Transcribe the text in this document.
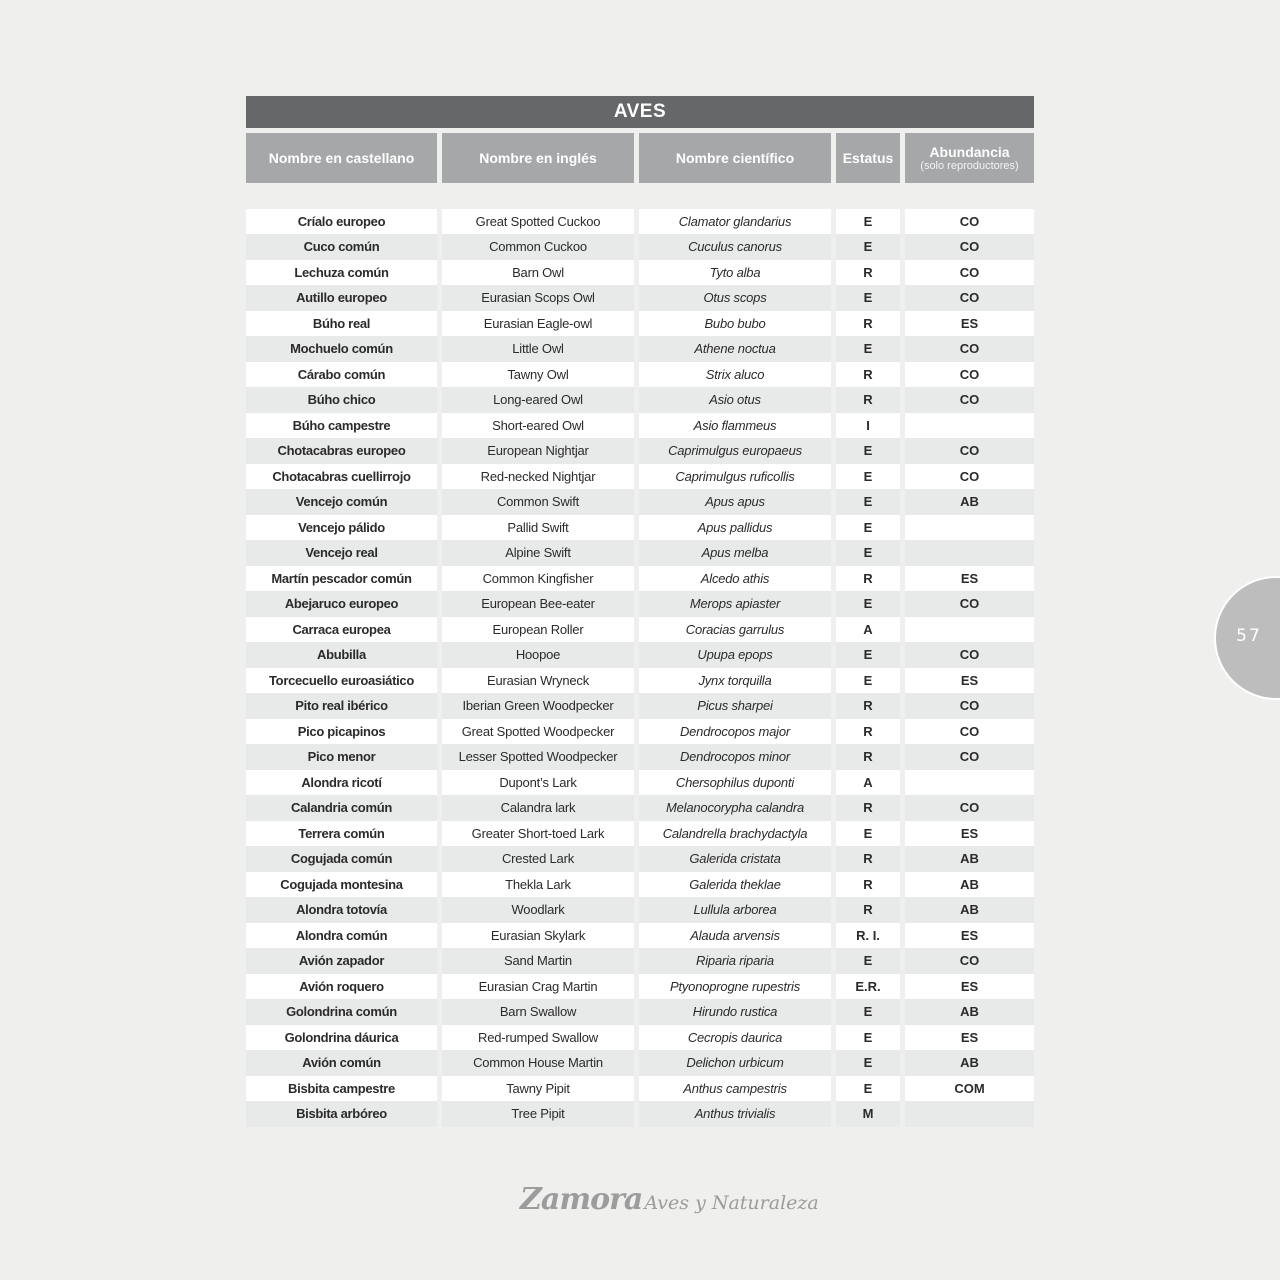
AVES
Nombre en castellano	Nombre en inglés	Nombre científico	Estatus	Abundancia
(solo reproductores)

Críalo europeo	Great Spotted Cuckoo	Clamator glandarius	E	CO
Cuco común	Common Cuckoo	Cuculus canorus	E	CO
Lechuza común	Barn Owl	Tyto alba	R	CO
Autillo europeo	Eurasian Scops Owl	Otus scops	E	CO
Búho real	Eurasian Eagle-owl	Bubo bubo	R	ES
Mochuelo común	Little Owl	Athene noctua	E	CO
Cárabo común	Tawny Owl	Strix aluco	R	CO
Búho chico	Long-eared Owl	Asio otus	R	CO
Búho campestre	Short-eared Owl	Asio flammeus	I	
Chotacabras europeo	European Nightjar	Caprimulgus europaeus	E	CO
Chotacabras cuellirrojo	Red-necked Nightjar	Caprimulgus ruficollis	E	CO
Vencejo común	Common Swift	Apus apus	E	AB
Vencejo pálido	Pallid Swift	Apus pallidus	E	
Vencejo real	Alpine Swift	Apus melba	E	
Martín pescador común	Common Kingfisher	Alcedo athis	R	ES
Abejaruco europeo	European Bee-eater	Merops apiaster	E	CO
Carraca europea	European Roller	Coracias garrulus	A	
Abubilla	Hoopoe	Upupa epops	E	CO
Torcecuello euroasiático	Eurasian Wryneck	Jynx torquilla	E	ES
Pito real ibérico	Iberian Green Woodpecker	Picus sharpei	R	CO
Pico picapinos	Great Spotted Woodpecker	Dendrocopos major	R	CO
Pico menor	Lesser Spotted Woodpecker	Dendrocopos minor	R	CO
Alondra ricotí	Dupont’s Lark	Chersophilus duponti	A	
Calandria común	Calandra lark	Melanocorypha calandra	R	CO
Terrera común	Greater Short-toed Lark	Calandrella brachydactyla	E	ES
Cogujada común	Crested Lark	Galerida cristata	R	AB
Cogujada montesina	Thekla Lark	Galerida theklae	R	AB
Alondra totovía	Woodlark	Lullula arborea	R	AB
Alondra común	Eurasian Skylark	Alauda arvensis	R. I.	ES
Avión zapador	Sand Martin	Riparia riparia	E	CO
Avión roquero	Eurasian Crag Martin	Ptyonoprogne rupestris	E.R.	ES
Golondrina común	Barn Swallow	Hirundo rustica	E	AB
Golondrina dáurica	Red-rumped Swallow	Cecropis daurica	E	ES
Avión común	Common House Martin	Delichon urbicum	E	AB
Bisbita campestre	Tawny Pipit	Anthus campestris	E	COM
Bisbita arbóreo	Tree Pipit	Anthus trivialis	M	
57
Zamora Aves y Naturaleza
